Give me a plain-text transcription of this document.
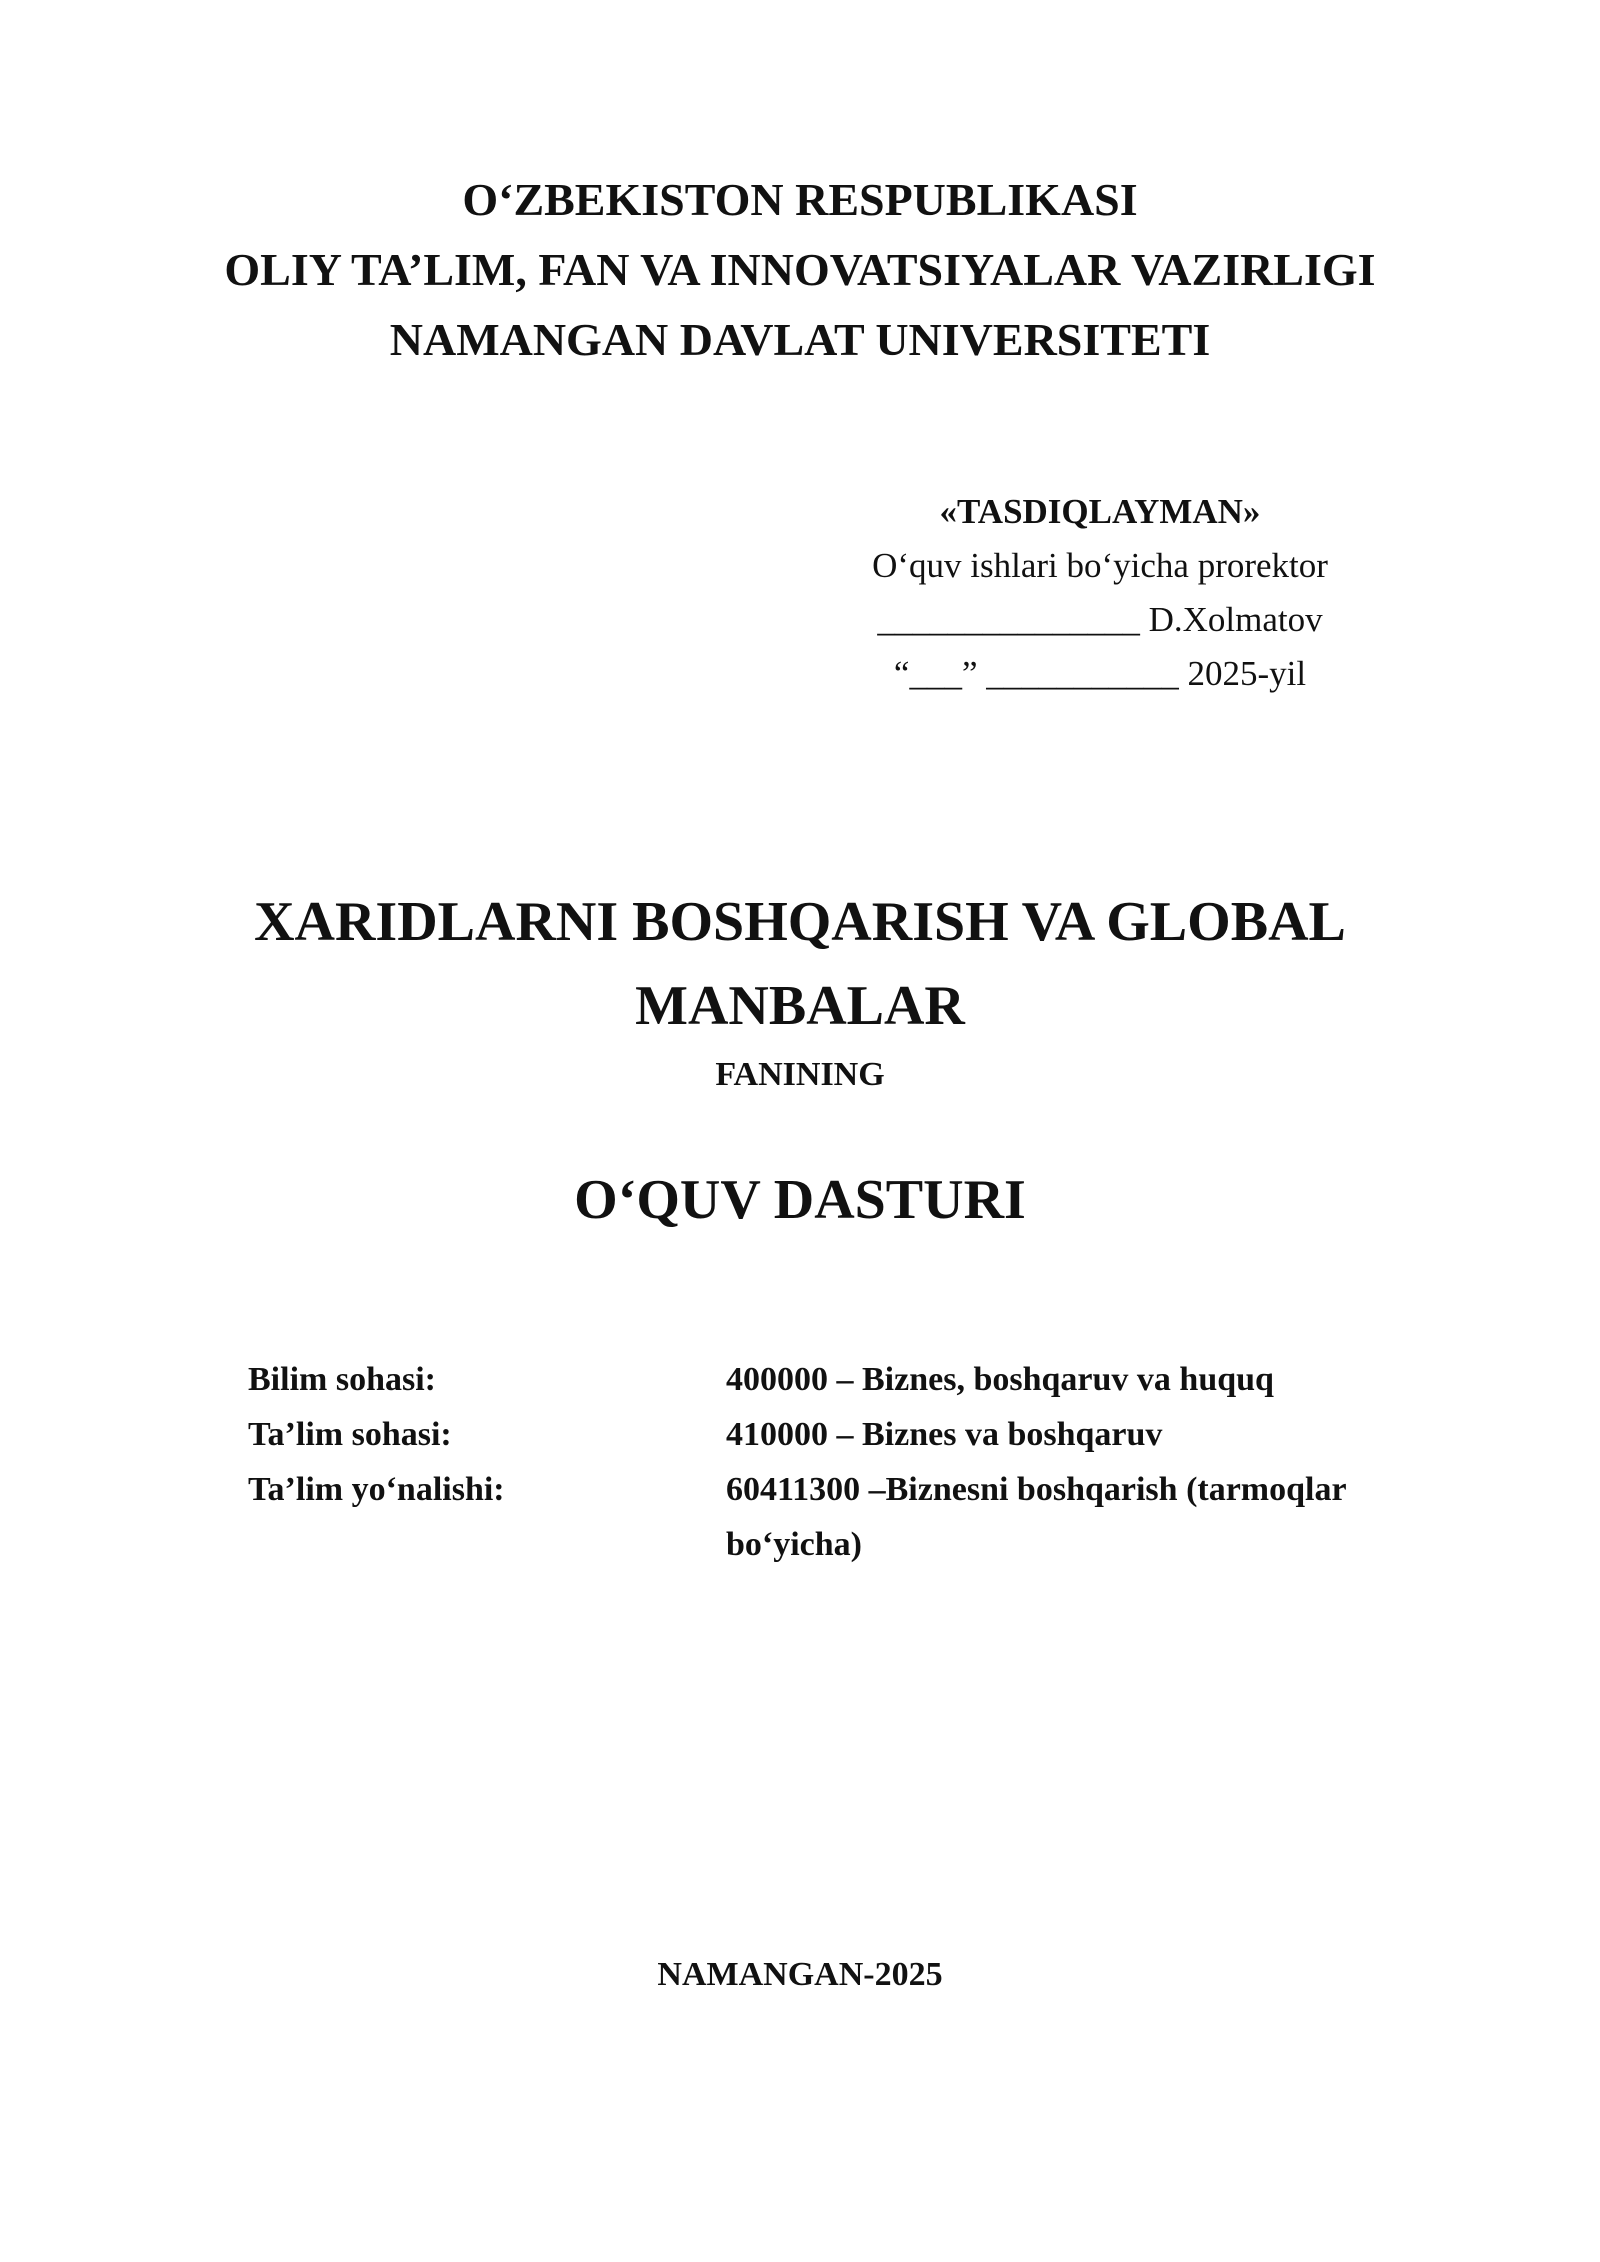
O‘ZBEKISTON RESPUBLIKASI
OLIY TA’LIM, FAN VA INNOVATSIYALAR VAZIRLIGI
NAMANGAN DAVLAT UNIVERSITETI
«TASDIQLAYMAN»
O‘quv ishlari bo‘yicha prorektor
_______________ D.Xolmatov
“___” ___________ 2025-yil
XARIDLARNI BOSHQARISH VA GLOBAL
MANBALAR
FANINING
O‘QUV DASTURI
Bilim sohasi:	400000 – Biznes, boshqaruv va huquq
Ta’lim sohasi:	410000 – Biznes va boshqaruv
Ta’lim yo‘nalishi:	60411300 –Biznesni boshqarish (tarmoqlar bo‘yicha)
NAMANGAN-2025
